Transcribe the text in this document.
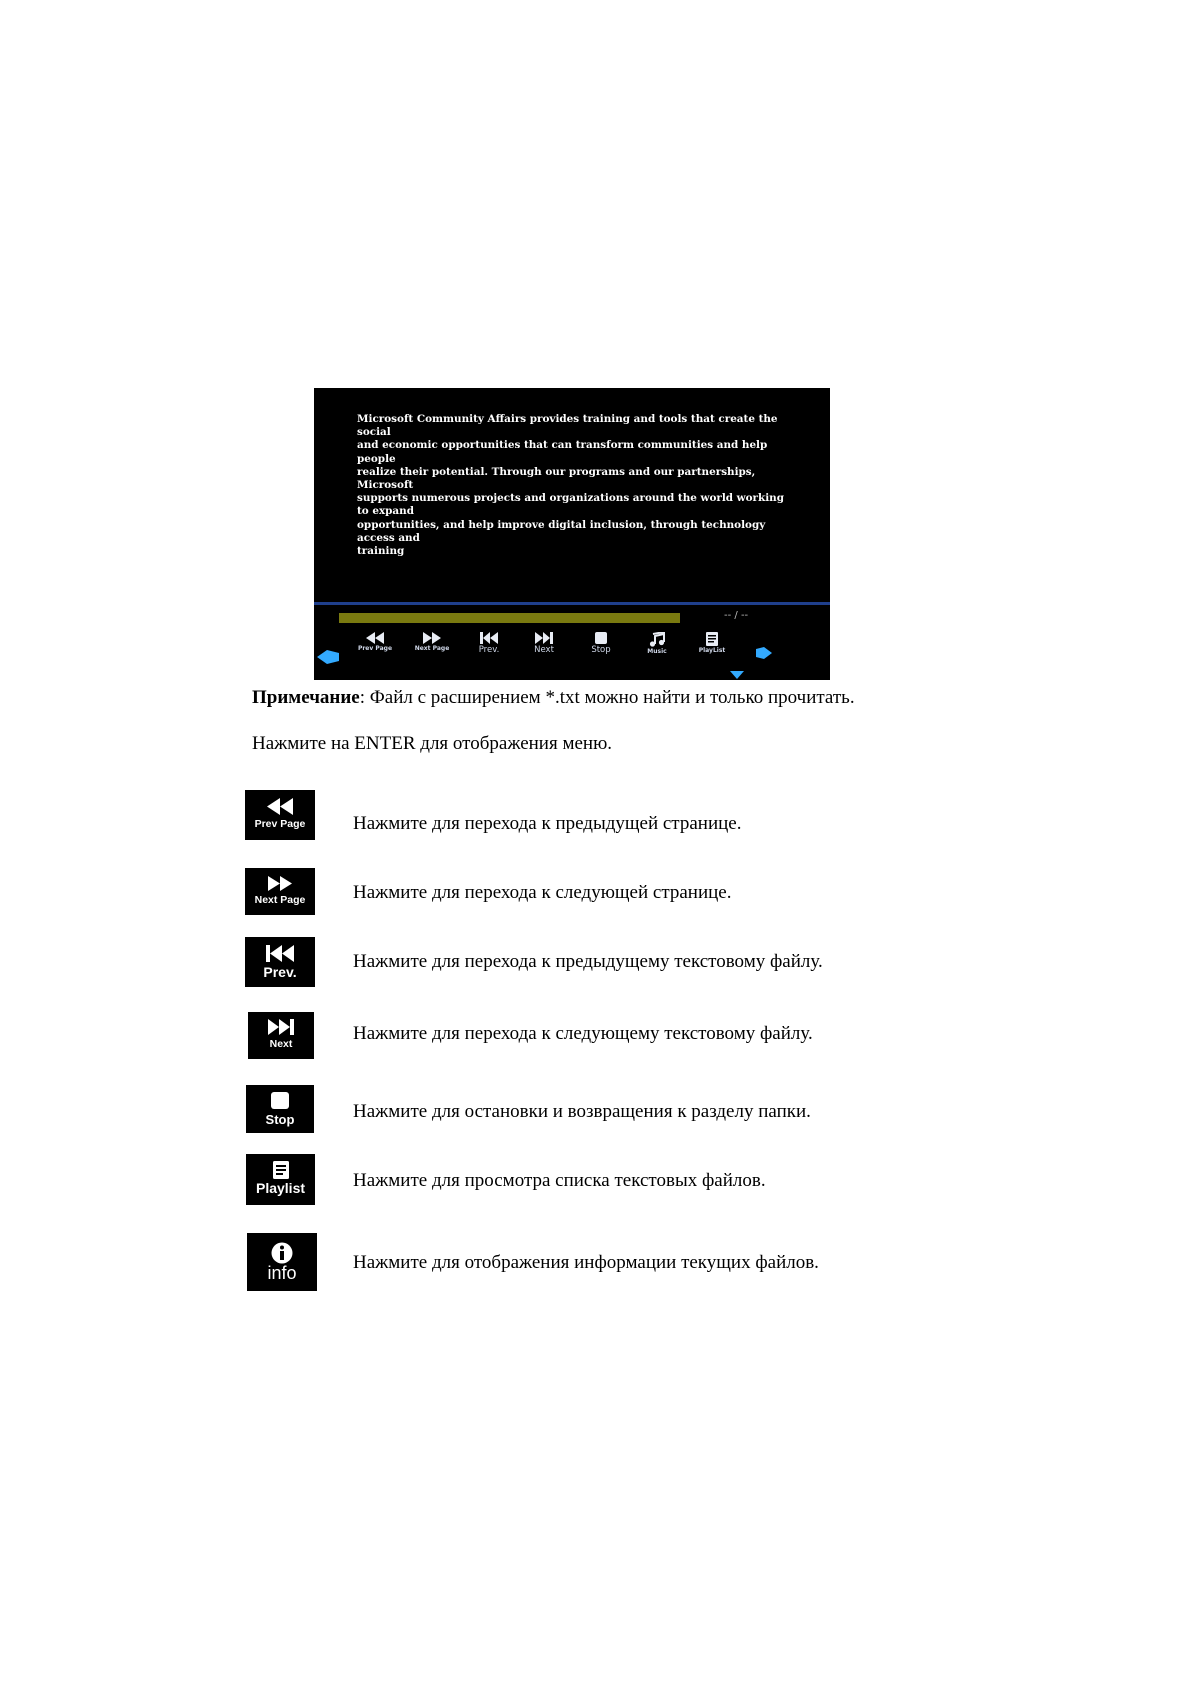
Microsoft Community Affairs provides training and tools that create the social
and economic opportunities that can transform communities and help people
realize their potential. Through our programs and our partnerships, Microsoft
supports numerous projects and organizations around the world working to expand
opportunities, and help improve digital inclusion, through technology access and
training
-- / --
Prev Page	Next Page	Prev.	Next	Stop	Music	PlayList
Примечание: Файл с расширением *.txt можно найти и только прочитать.
Нажмите на ENTER для отображения меню.
Prev Page	Нажмите для перехода к предыдущей странице.
Next Page	Нажмите для перехода к следующей странице.
Prev.	Нажмите для перехода к предыдущему текстовому файлу.
Next	Нажмите для перехода к следующему текстовому файлу.
Stop	Нажмите для остановки и возвращения к разделу папки.
Playlist	Нажмите для просмотра списка текстовых файлов.
info	Нажмите для отображения информации текущих файлов.
